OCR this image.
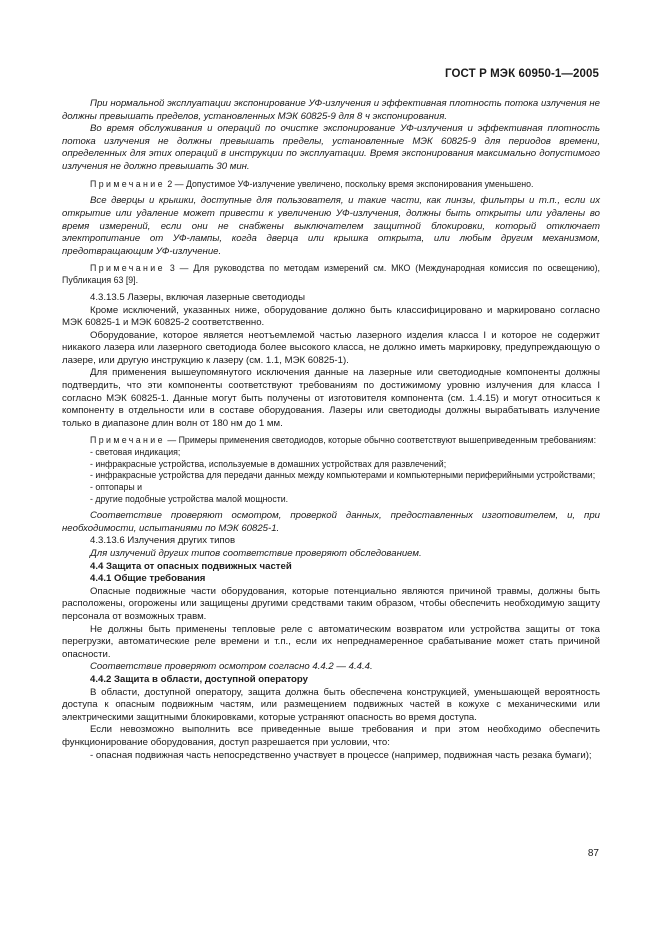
ГОСТ Р МЭК 60950-1—2005

При нормальной эксплуатации экспонирование УФ-излучения и эффективная плотность потока излучения не должны превышать пределов, установленных МЭК 60825-9 для 8 ч экспонирования.

Во время обслуживания и операций по очистке экспонирование УФ-излучения и эффективная плотность потока излучения не должны превышать пределы, установленные МЭК 60825-9 для периодов времени, определенных для этих операций в инструкции по эксплуатации. Время экспонирования максимально допустимого излучения не должно превышать 30 мин.

Примечание 2 — Допустимое УФ-излучение увеличено, поскольку время экспонирования уменьшено.

Все дверцы и крышки, доступные для пользователя, и такие части, как линзы, фильтры и т.п., если их открытие или удаление может привести к увеличению УФ-излучения, должны быть открыты или удалены во время измерений, если они не снабжены выключателем защитной блокировки, который отключает электропитание от УФ-лампы, когда дверца или крышка открыта, или любым другим механизмом, предотвращающим УФ-излучение.

Примечание 3 — Для руководства по методам измерений см. МКО (Международная комиссия по освещению), Публикация 63 [9].

4.3.13.5 Лазеры, включая лазерные светодиоды

Кроме исключений, указанных ниже, оборудование должно быть классифицировано и маркировано согласно МЭК 60825-1 и МЭК 60825-2 соответственно.

Оборудование, которое является неотъемлемой частью лазерного изделия класса I и которое не содержит никакого лазера или лазерного светодиода более высокого класса, не должно иметь маркировку, предупреждающую о лазере, или другую инструкцию к лазеру (см. 1.1, МЭК 60825-1).

Для применения вышеупомянутого исключения данные на лазерные или светодиодные компоненты должны подтвердить, что эти компоненты соответствуют требованиям по достижимому уровню излучения для класса I согласно МЭК 60825-1. Данные могут быть получены от изготовителя компонента (см. 1.4.15) и могут относиться к компоненту в отдельности или в составе оборудования. Лазеры или светодиоды должны вырабатывать излучение только в диапазоне длин волн от 180 нм до 1 мм.

Примечание — Примеры применения светодиодов, которые обычно соответствуют вышеприведенным требованиям:

- световая индикация;

- инфракрасные устройства, используемые в домашних устройствах для развлечений;

- инфракрасные устройства для передачи данных между компьютерами и компьютерными периферийными устройствами;

- оптопары и

- другие подобные устройства малой мощности.

Соответствие проверяют осмотром, проверкой данных, предоставленных изготовителем, и, при необходимости, испытаниями по МЭК 60825-1.

4.3.13.6 Излучения других типов

Для излучений других типов соответствие проверяют обследованием.

4.4 Защита от опасных подвижных частей

4.4.1 Общие требования

Опасные подвижные части оборудования, которые потенциально являются причиной травмы, должны быть расположены, огорожены или защищены другими средствами таким образом, чтобы обеспечить необходимую защиту персонала от возможных травм.

Не должны быть применены тепловые реле с автоматическим возвратом или устройства защиты от тока перегрузки, автоматические реле времени и т.п., если их непреднамеренное срабатывание может стать причиной опасности.

Соответствие проверяют осмотром согласно 4.4.2 — 4.4.4.

4.4.2 Защита в области, доступной оператору

В области, доступной оператору, защита должна быть обеспечена конструкцией, уменьшающей вероятность доступа к опасным подвижным частям, или размещением подвижных частей в кожухе с механическими или электрическими защитными блокировками, которые устраняют опасность во время доступа.

Если невозможно выполнить все приведенные выше требования и при этом необходимо обеспечить функционирование оборудования, доступ разрешается при условии, что:

- опасная подвижная часть непосредственно участвует в процессе (например, подвижная часть резака бумаги);

87
